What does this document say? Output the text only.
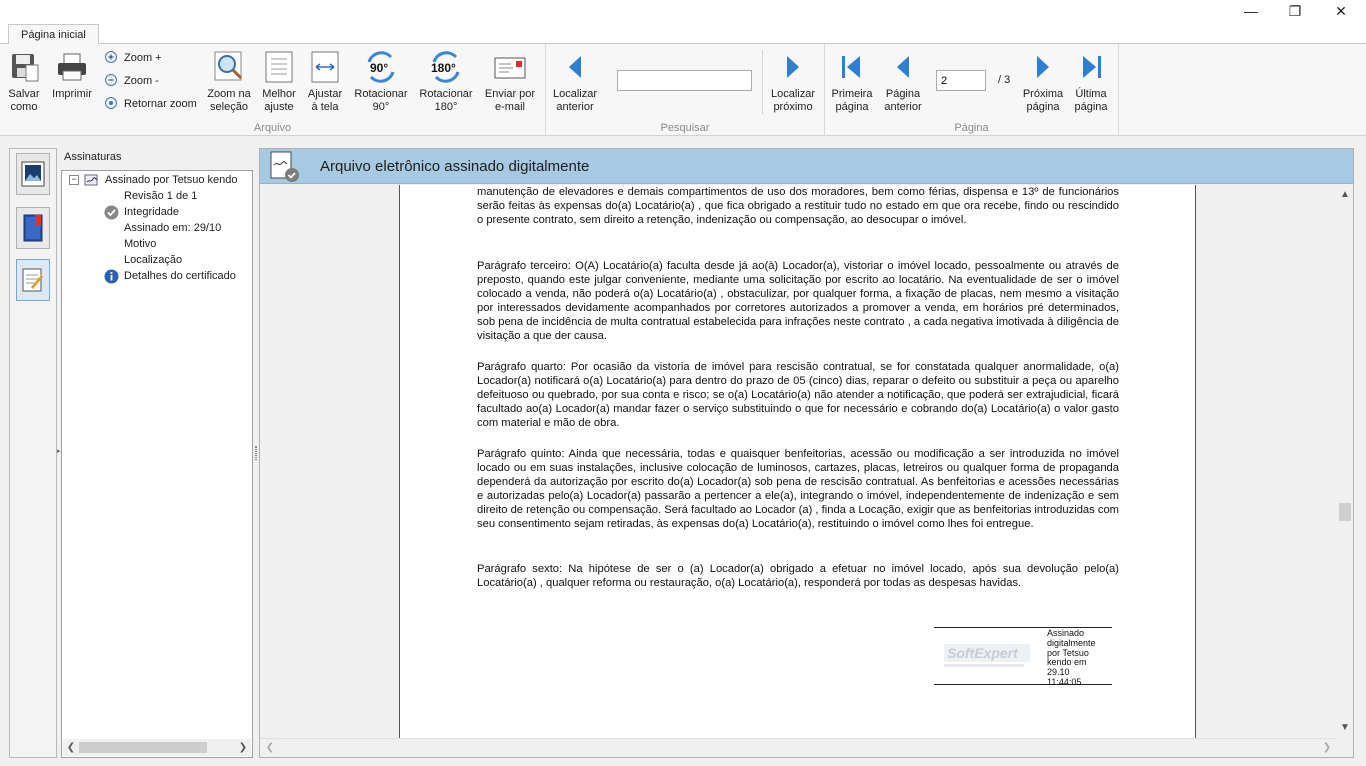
—	❐	✕
Página inicial
Salvar
como
Imprimir
Zoom +
Zoom -
Retornar zoom
Zoom na
seleção
Melhor
ajuste
Ajustar
à tela
90°
Rotacionar
90°
180°
Rotacionar
180°
Enviar por
e-mail
Arquivo
Localizar
anterior
Localizar
próximo
Pesquisar
Primeira
página
Página
anterior
2
/ 3
Próxima
página
Última
página
Página
▸
Assinaturas
−	Assinado por Tetsuo kendo
Revisão 1 de 1
Integridade
Assinado em: 29/10
Motivo
Localização
Detalhes do certificado
❮	❯
Arquivo eletrônico assinado digitalmente
manutenção de elevadores e demais compartimentos de uso dos moradores, bem como férias, dispensa e 13º de funcionários serão feitas às expensas do(a) Locatário(a) , que fica obrigado a restituir tudo no estado em que ora recebe, findo ou rescindido o presente contrato, sem direito a retenção, indenização ou compensação, ao desocupar o imóvel.
Parágrafo terceiro: O(A) Locatário(a) faculta desde já ao(à) Locador(a), vistoriar o imóvel locado, pessoalmente ou através de preposto, quando este julgar conveniente, mediante uma solicitação por escrito ao locatário. Na eventualidade de ser o imóvel colocado a venda, não poderá o(a) Locatário(a) , obstaculizar, por qualquer forma, a fixação de placas, nem mesmo a visitação por interessados devidamente acompanhados por corretores autorizados a promover a venda, em horários pré determinados, sob pena de incidência de multa contratual estabelecida para infrações neste contrato , a cada negativa imotivada à diligência de visitação a que der causa.
Parágrafo quarto: Por ocasião da vistoria de imóvel para rescisão contratual, se for constatada qualquer anormalidade, o(a) Locador(a) notificará o(a) Locatário(a) para dentro do prazo de 05 (cinco) dias, reparar o defeito ou substituir a peça ou aparelho defeituoso ou quebrado, por sua conta e risco; se o(a) Locatário(a) não atender a notificação, que poderá ser extrajudicial, ficará facultado ao(a) Locador(a) mandar fazer o serviço substituindo o que for necessário e cobrando do(a) Locatário(a) o valor gasto com material e mão de obra.
Parágrafo quinto: Ainda que necessária, todas e quaisquer benfeitorias, acessão ou modificação a ser introduzida no imóvel locado ou em suas instalações, inclusive colocação de luminosos, cartazes, placas, letreiros ou qualquer forma de propaganda dependerá da autorização por escrito do(a) Locador(a) sob pena de rescisão contratual. As benfeitorias e acessões necessárias e autorizadas pelo(a) Locador(a) passarão a pertencer a ele(a), integrando o imóvel, independentemente de indenização e sem direito de retenção ou compensação. Será facultado ao Locador (a) , finda a Locação, exigir que as benfeitorias introduzidas com seu consentimento sejam retiradas, às expensas do(a) Locatário(a), restituindo o imóvel como lhes foi entregue.
Parágrafo sexto: Na hipótese de ser o (a) Locador(a) obrigado a efetuar no imóvel locado, após sua devolução pelo(a) Locatário(a) , qualquer reforma ou restauração, o(a) Locatário(a), responderá por todas as despesas havidas.
SoftExpert
Assinado
digitalmente
por Tetsuo
kendo em
29.10
11:44:05
▲
▼
❮	❯
